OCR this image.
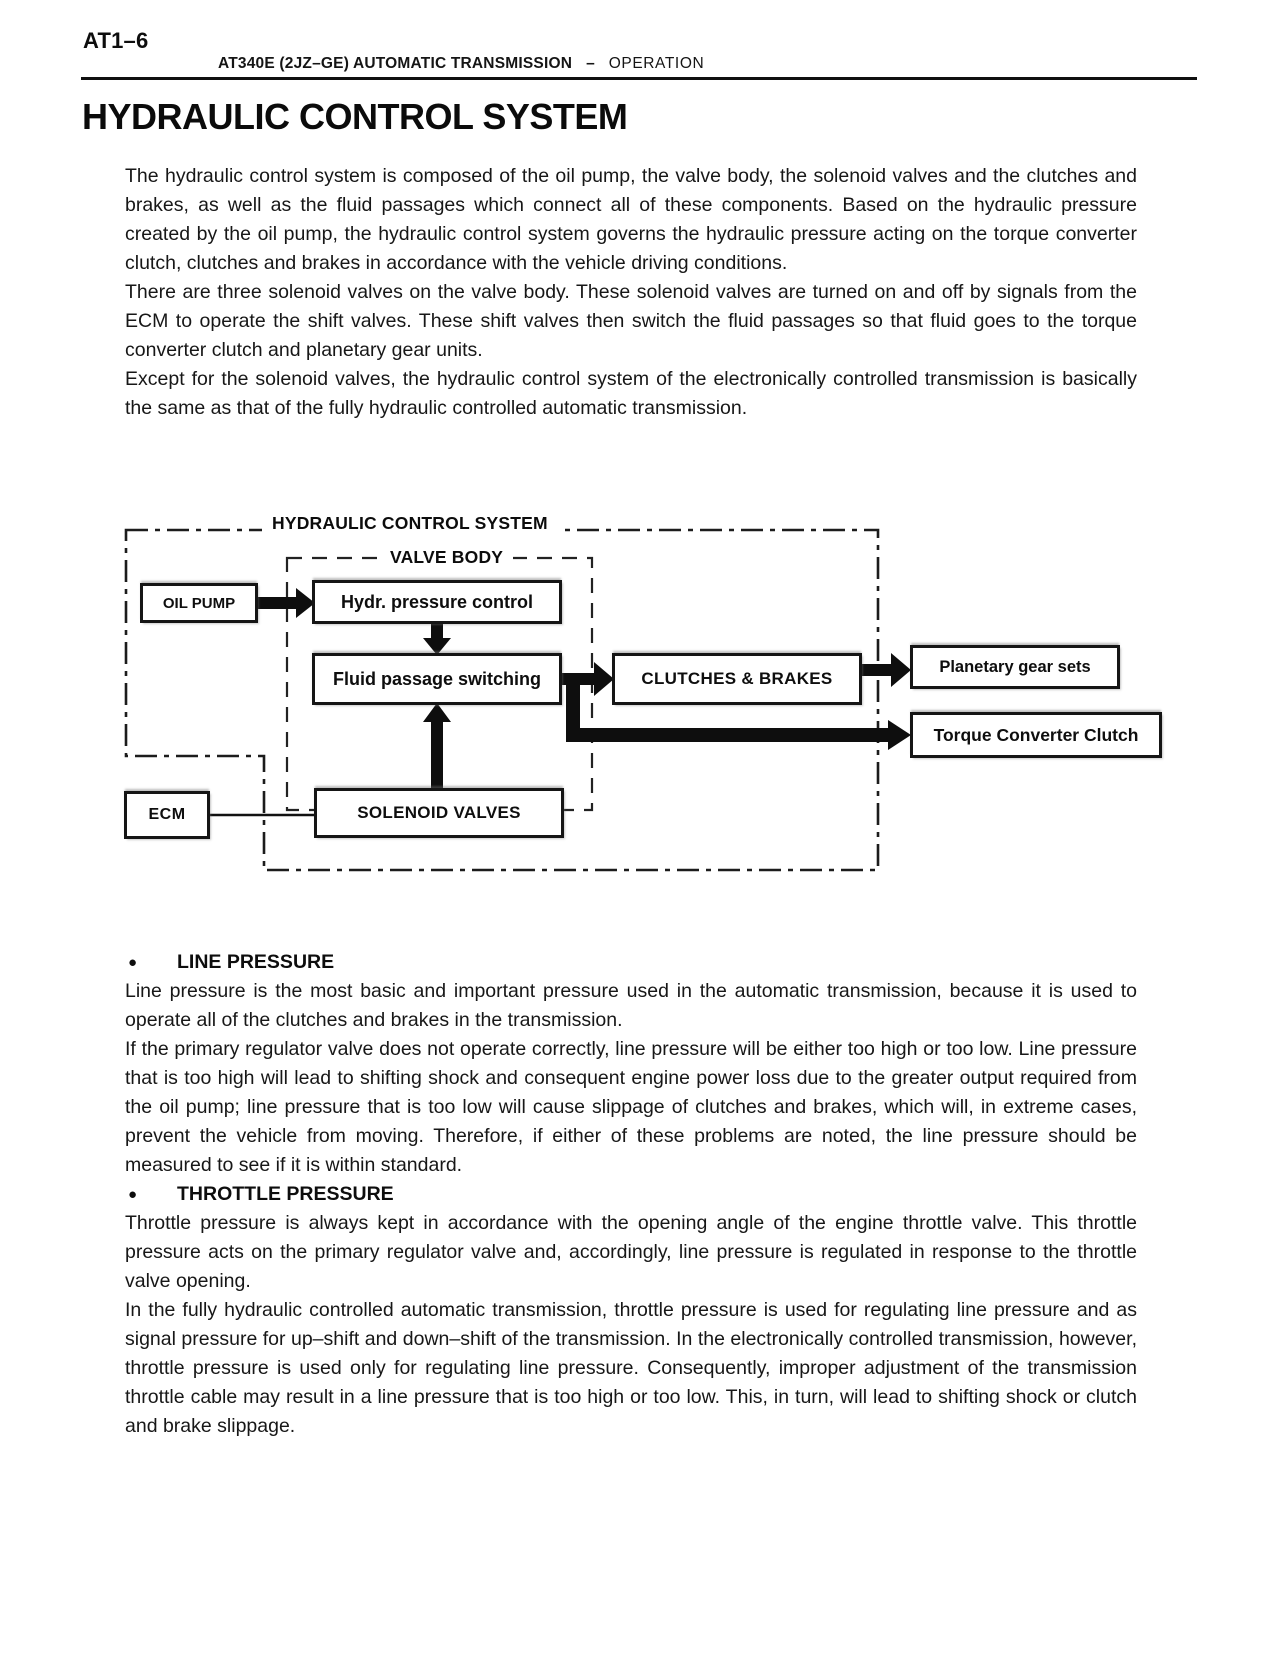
AT1–6
AT340E (2JZ–GE) AUTOMATIC TRANSMISSION – OPERATION
HYDRAULIC CONTROL SYSTEM

The hydraulic control system is composed of the oil pump, the valve body, the solenoid valves and the clutches and brakes, as well as the fluid passages which connect all of these components. Based on the hydraulic pressure created by the oil pump, the hydraulic control system governs the hydraulic pressure acting on the torque converter clutch, clutches and brakes in accordance with the vehicle driving conditions.

There are three solenoid valves on the valve body. These solenoid valves are turned on and off by signals from the ECM to operate the shift valves. These shift valves then switch the fluid passages so that fluid goes to the torque converter clutch and planetary gear units.

Except for the solenoid valves, the hydraulic control system of the electronically controlled transmission is basically the same as that of the fully hydraulic controlled automatic transmission.

HYDRAULIC CONTROL SYSTEM
VALVE BODY
OIL PUMP	Hydr. pressure control
Fluid passage switching	CLUTCHES & BRAKES
Planetary gear sets
Torque Converter Clutch
SOLENOID VALVES
ECM
●	LINE PRESSURE

Line pressure is the most basic and important pressure used in the automatic transmission, because it is used to operate all of the clutches and brakes in the transmission.

If the primary regulator valve does not operate correctly, line pressure will be either too high or too low. Line pressure that is too high will lead to shifting shock and consequent engine power loss due to the greater output required from the oil pump; line pressure that is too low will cause slippage of clutches and brakes, which will, in extreme cases, prevent the vehicle from moving. Therefore, if either of these problems are noted, the line pressure should be measured to see if it is within standard.

●	THROTTLE PRESSURE

Throttle pressure is always kept in accordance with the opening angle of the engine throttle valve. This throttle pressure acts on the primary regulator valve and, accordingly, line pressure is regulated in response to the throttle valve opening.

In the fully hydraulic controlled automatic transmission, throttle pressure is used for regulating line pressure and as signal pressure for up–shift and down–shift of the transmission. In the electronically controlled transmission, however, throttle pressure is used only for regulating line pressure. Consequently, improper adjustment of the transmission throttle cable may result in a line pressure that is too high or too low. This, in turn, will lead to shifting shock or clutch and brake slippage.
